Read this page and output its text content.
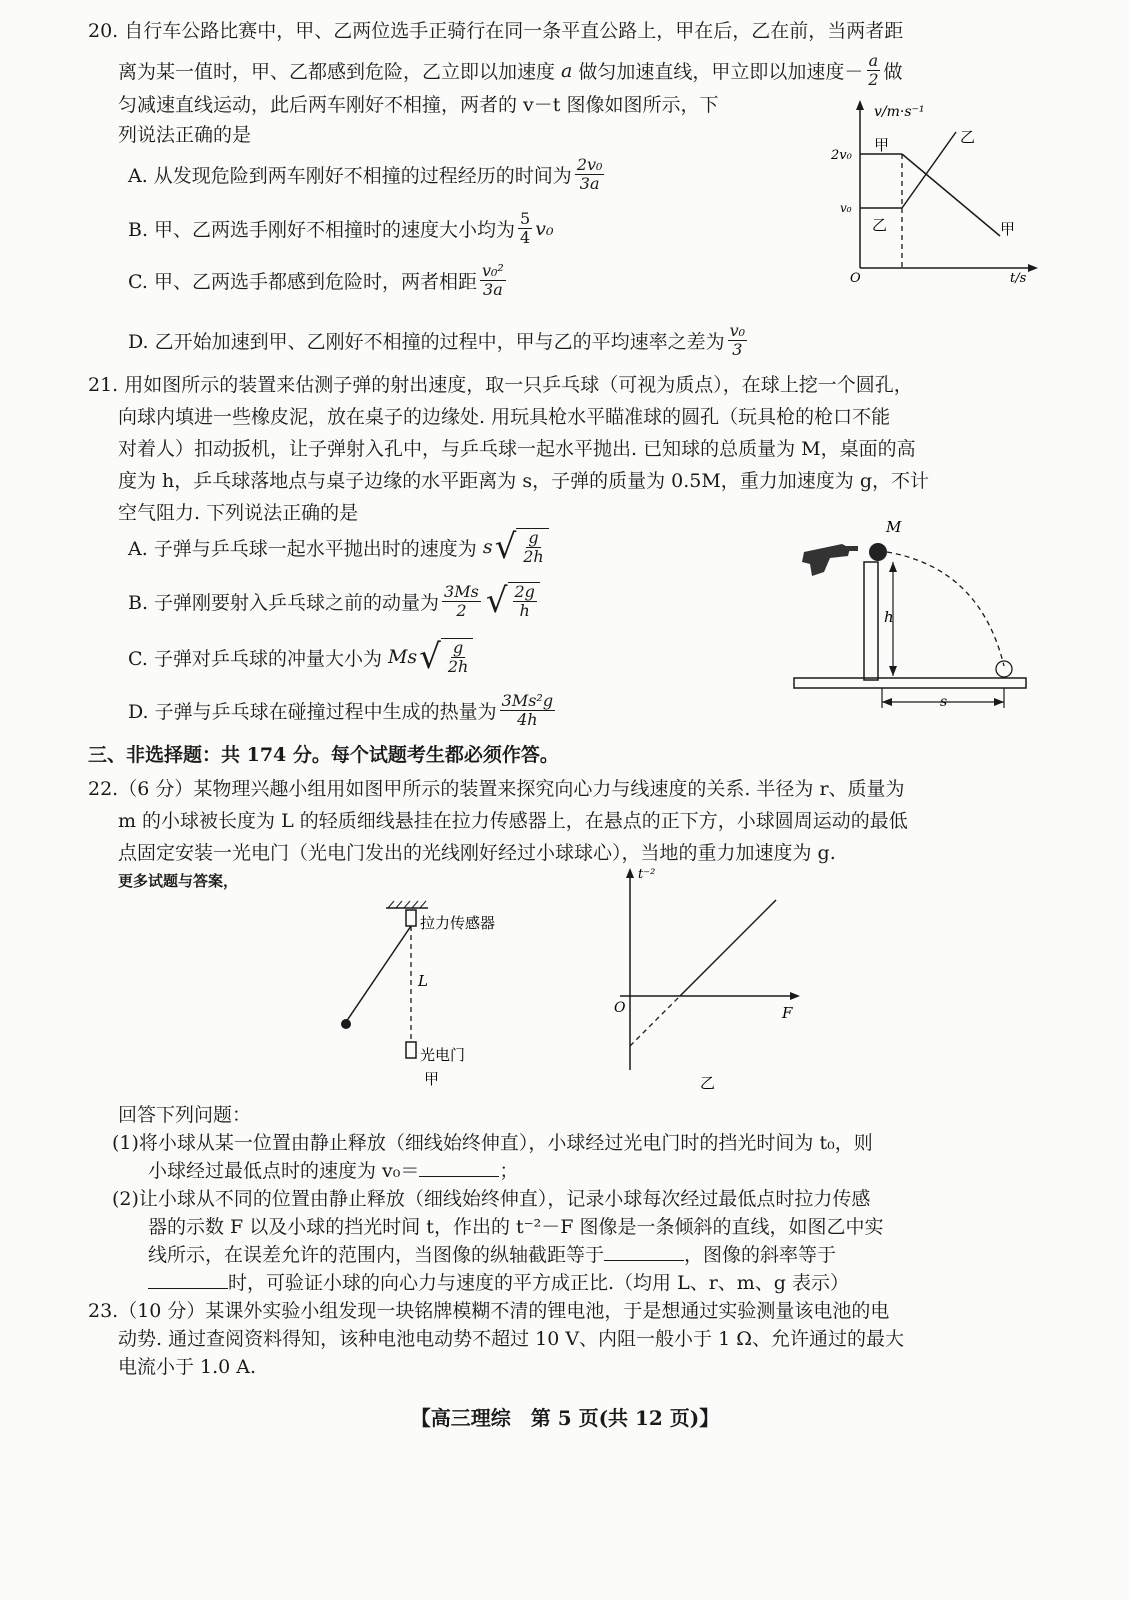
20. 自行车公路比赛中，甲、乙两位选手正骑行在同一条平直公路上，甲在后，乙在前，当两者距
离为某一值时，甲、乙都感到危险，乙立即以加速度 a 做匀加速直线，甲立即以加速度－ $\frac{a}{2}$ 做
匀减速直线运动，此后两车刚好不相撞，两者的 v－t 图像如图所示，下
列说法正确的是
A. 从发现危险到两车刚好不相撞的过程经历的时间为 $\frac{\text{2v₀}}{3a}$
B. 甲、乙两选手刚好不相撞时的速度大小均为 $\frac{5}{4} v_0$
C. 甲、乙两选手都感到危险时，两者相距 $\frac{\text{v₀²}}{3a}$
D. 乙开始加速到甲、乙刚好不相撞的过程中，甲与乙的平均速率之差为 $\frac{\text{v₀}}{3}$
v/m·s⁻¹
t/s
O
2v₀
v₀
甲	乙
乙	甲
21. 用如图所示的装置来估测子弹的射出速度，取一只乒乓球（可视为质点），在球上挖一个圆孔，
向球内填进一些橡皮泥，放在桌子的边缘处. 用玩具枪水平瞄准球的圆孔（玩具枪的枪口不能
对着人）扣动扳机，让子弹射入孔中，与乒乓球一起水平抛出. 已知球的总质量为 M，桌面的高
度为 h，乒乓球落地点与桌子边缘的水平距离为 s，子弹的质量为 0.5M，重力加速度为 g，不计
空气阻力. 下列说法正确的是
A. 子弹与乒乓球一起水平抛出时的速度为 s √ $\frac{g}{2h}$
B. 子弹刚要射入乒乓球之前的动量为 $\frac{3Ms}{2}$ √ $\frac{2g}{h}$
C. 子弹对乒乓球的冲量大小为 Ms √ $\frac{g}{2h}$
D. 子弹与乒乓球在碰撞过程中生成的热量为 $\frac{\text{3Ms²g}}{4h}$
M
h
s
三、非选择题：共 174 分。每个试题考生都必须作答。
22.（6 分）某物理兴趣小组用如图甲所示的装置来探究向心力与线速度的关系. 半径为 r、质量为
m 的小球被长度为 L 的轻质细线悬挂在拉力传感器上，在悬点的正下方，小球圆周运动的最低
点固定安装一光电门（光电门发出的光线刚好经过小球球心），当地的重力加速度为 g.
更多试题与答案，
拉力传感器
L
光电门
甲
t⁻²
F
O
乙
回答下列问题：
(1)将小球从某一位置由静止释放（细线始终伸直），小球经过光电门时的挡光时间为 t₀，则
小球经过最低点时的速度为 v₀＝	；
(2)让小球从不同的位置由静止释放（细线始终伸直），记录小球每次经过最低点时拉力传感
器的示数 F 以及小球的挡光时间 t，作出的 t⁻²－F 图像是一条倾斜的直线，如图乙中实
线所示，在误差允许的范围内，当图像的纵轴截距等于	，图像的斜率等于
时，可验证小球的向心力与速度的平方成正比.（均用 L、r、m、g 表示）
23.（10 分）某课外实验小组发现一块铭牌模糊不清的锂电池，于是想通过实验测量该电池的电
动势. 通过查阅资料得知，该种电池电动势不超过 10 V、内阻一般小于 1 Ω、允许通过的最大
电流小于 1.0 A.
【高三理综　第 5 页(共 12 页)】
